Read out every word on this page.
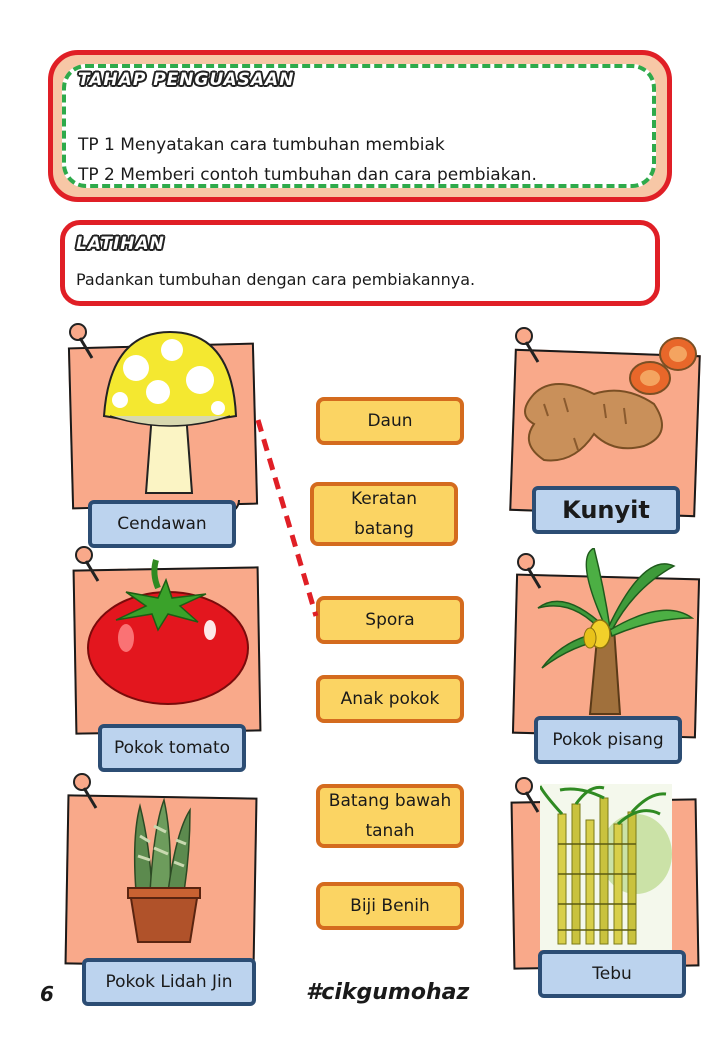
TAHAP PENGUASAAN
TP 1 Menyatakan cara tumbuhan membiak
TP 2 Memberi contoh tumbuhan dan cara pembiakan.
LATIHAN
Padankan tumbuhan dengan cara pembiakannya.
Cendawan
Pokok tomato
Pokok Lidah Jin
Kunyit
Pokok pisang
Tebu
Daun
Keratan
batang
Spora
Anak pokok
Batang bawah
tanah
Biji Benih
6	#cikgumohaz
